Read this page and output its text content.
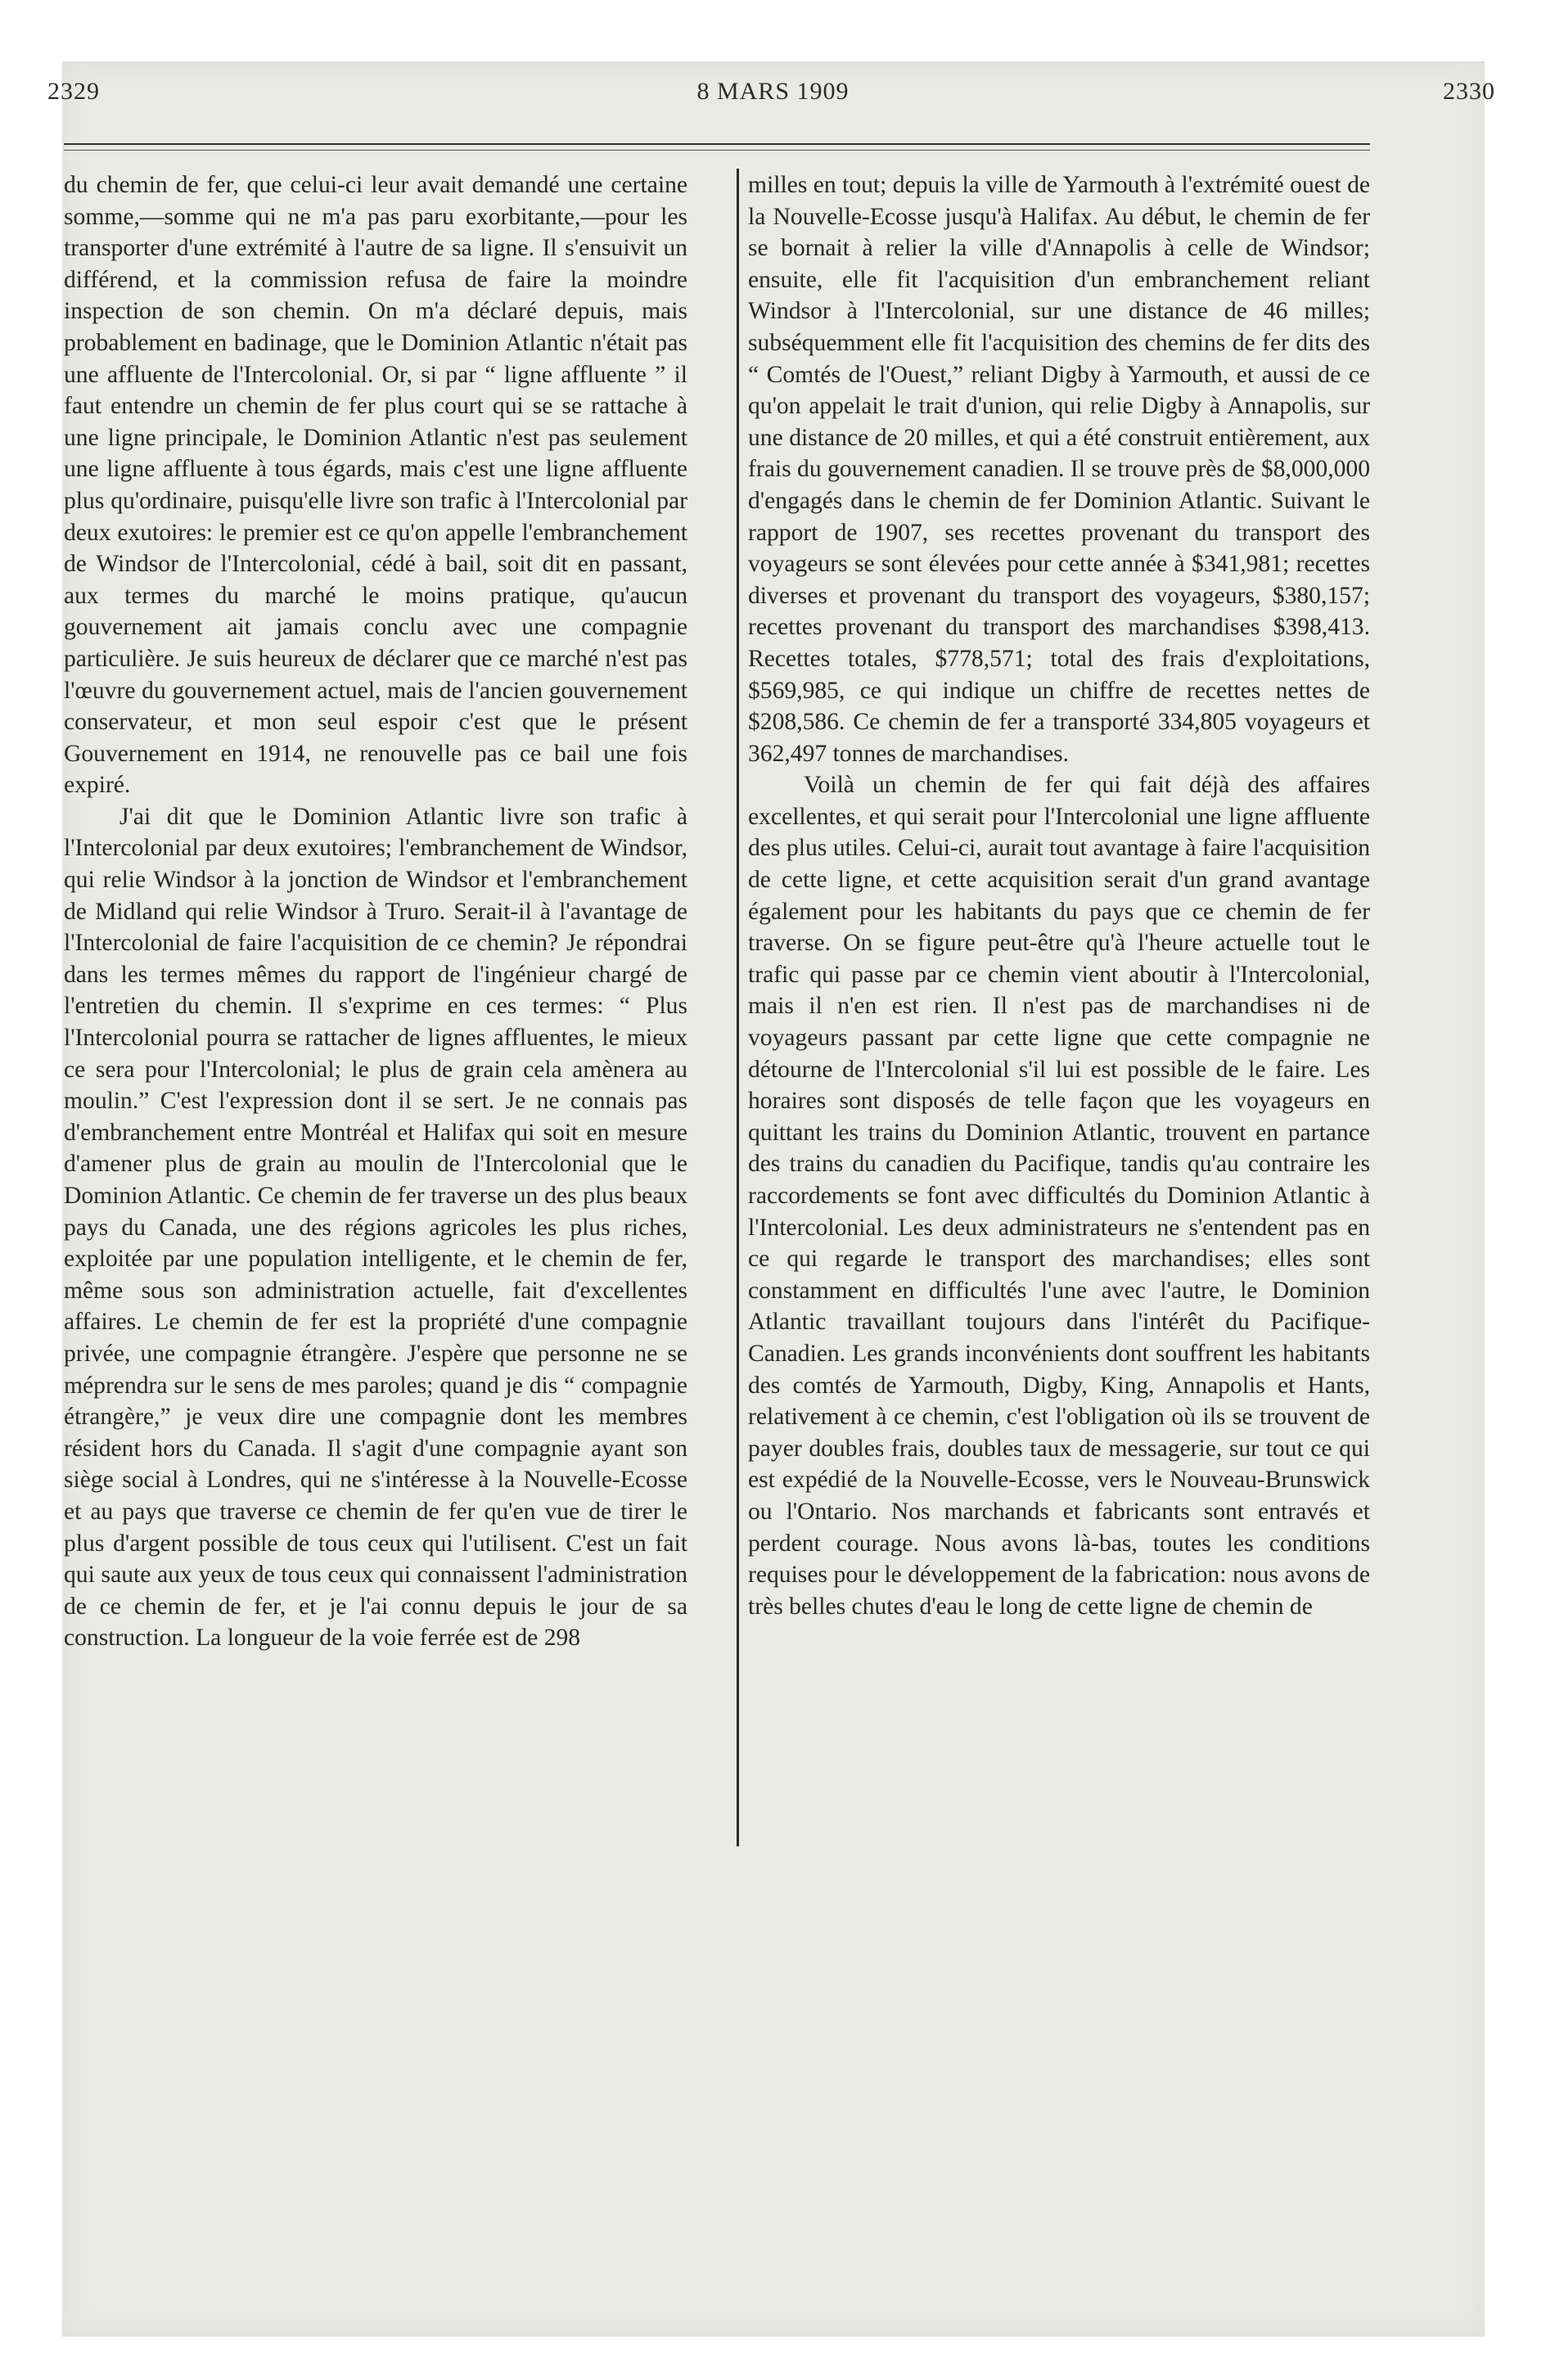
2329	8 MARS 1909	2330

du chemin de fer, que celui-ci leur avait demandé une certaine somme,—somme qui ne m'a pas paru exorbitante,—pour les transporter d'une extrémité à l'autre de sa ligne. Il s'ensuivit un différend, et la commission refusa de faire la moindre inspection de son chemin. On m'a déclaré depuis, mais probablement en badinage, que le Dominion Atlantic n'était pas une affluente de l'Intercolonial. Or, si par “ ligne affluente ” il faut entendre un chemin de fer plus court qui se se rattache à une ligne principale, le Dominion Atlantic n'est pas seulement une ligne affluente à tous égards, mais c'est une ligne affluente plus qu'ordinaire, puisqu'elle livre son trafic à l'Intercolonial par deux exutoires: le premier est ce qu'on appelle l'embranchement de Windsor de l'Intercolonial, cédé à bail, soit dit en passant, aux termes du marché le moins pratique, qu'aucun gouvernement ait jamais conclu avec une compagnie particulière. Je suis heureux de déclarer que ce marché n'est pas l'œuvre du gouvernement actuel, mais de l'ancien gouvernement conservateur, et mon seul espoir c'est que le présent Gouvernement en 1914, ne renouvelle pas ce bail une fois expiré.

J'ai dit que le Dominion Atlantic livre son trafic à l'Intercolonial par deux exutoires; l'embranchement de Windsor, qui relie Windsor à la jonction de Windsor et l'embranchement de Midland qui relie Windsor à Truro. Serait-il à l'avantage de l'Intercolonial de faire l'acquisition de ce chemin? Je répondrai dans les termes mêmes du rapport de l'ingénieur chargé de l'entretien du chemin. Il s'exprime en ces termes: “ Plus l'Intercolonial pourra se rattacher de lignes affluentes, le mieux ce sera pour l'Intercolonial; le plus de grain cela amènera au moulin.” C'est l'expression dont il se sert. Je ne connais pas d'embranchement entre Montréal et Halifax qui soit en mesure d'amener plus de grain au moulin de l'Intercolonial que le Dominion Atlantic. Ce chemin de fer traverse un des plus beaux pays du Canada, une des régions agricoles les plus riches, exploitée par une population intelligente, et le chemin de fer, même sous son administration actuelle, fait d'excellentes affaires. Le chemin de fer est la propriété d'une compagnie privée, une compagnie étrangère. J'espère que personne ne se méprendra sur le sens de mes paroles; quand je dis “ compagnie étrangère,” je veux dire une compagnie dont les membres résident hors du Canada. Il s'agit d'une compagnie ayant son siège social à Londres, qui ne s'intéresse à la Nouvelle-Ecosse et au pays que traverse ce chemin de fer qu'en vue de tirer le plus d'argent possible de tous ceux qui l'utilisent. C'est un fait qui saute aux yeux de tous ceux qui connaissent l'administration de ce chemin de fer, et je l'ai connu depuis le jour de sa construction. La longueur de la voie ferrée est de 298

milles en tout; depuis la ville de Yarmouth à l'extrémité ouest de la Nouvelle-Ecosse jusqu'à Halifax. Au début, le chemin de fer se bornait à relier la ville d'Annapolis à celle de Windsor; ensuite, elle fit l'acquisition d'un embranchement reliant Windsor à l'Intercolonial, sur une distance de 46 milles; subséquemment elle fit l'acquisition des chemins de fer dits des “ Comtés de l'Ouest,” reliant Digby à Yarmouth, et aussi de ce qu'on appelait le trait d'union, qui relie Digby à Annapolis, sur une distance de 20 milles, et qui a été construit entièrement, aux frais du gouvernement canadien. Il se trouve près de $8,000,000 d'engagés dans le chemin de fer Dominion Atlantic. Suivant le rapport de 1907, ses recettes provenant du transport des voyageurs se sont élevées pour cette année à $341,981; recettes diverses et provenant du transport des voyageurs, $380,157; recettes provenant du transport des marchandises $398,413. Recettes totales, $778,571; total des frais d'exploitations, $569,985, ce qui indique un chiffre de recettes nettes de $208,586. Ce chemin de fer a transporté 334,805 voyageurs et 362,497 tonnes de marchandises.

Voilà un chemin de fer qui fait déjà des affaires excellentes, et qui serait pour l'Intercolonial une ligne affluente des plus utiles. Celui-ci, aurait tout avantage à faire l'acquisition de cette ligne, et cette acquisition serait d'un grand avantage également pour les habitants du pays que ce chemin de fer traverse. On se figure peut-être qu'à l'heure actuelle tout le trafic qui passe par ce chemin vient aboutir à l'Intercolonial, mais il n'en est rien. Il n'est pas de marchandises ni de voyageurs passant par cette ligne que cette compagnie ne détourne de l'Intercolonial s'il lui est possible de le faire. Les horaires sont disposés de telle façon que les voyageurs en quittant les trains du Dominion Atlantic, trouvent en partance des trains du canadien du Pacifique, tandis qu'au contraire les raccordements se font avec difficultés du Dominion Atlantic à l'Intercolonial. Les deux administrateurs ne s'entendent pas en ce qui regarde le transport des marchandises; elles sont constamment en difficultés l'une avec l'autre, le Dominion Atlantic travaillant toujours dans l'intérêt du Pacifique-Canadien. Les grands inconvénients dont souffrent les habitants des comtés de Yarmouth, Digby, King, Annapolis et Hants, relativement à ce chemin, c'est l'obligation où ils se trouvent de payer doubles frais, doubles taux de messagerie, sur tout ce qui est expédié de la Nouvelle-Ecosse, vers le Nouveau-Brunswick ou l'Ontario. Nos marchands et fabricants sont entravés et perdent courage. Nous avons là-bas, toutes les conditions requises pour le développement de la fabrication: nous avons de très belles chutes d'eau le long de cette ligne de chemin de
